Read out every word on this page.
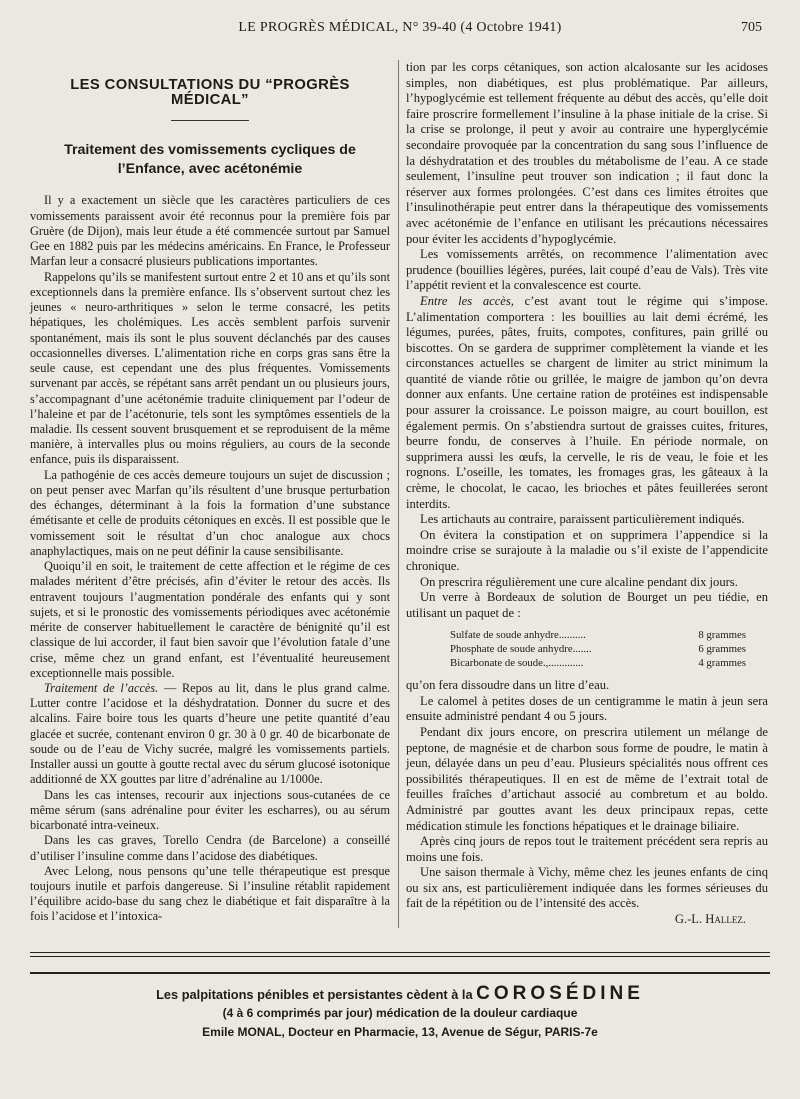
LE PROGRÈS MÉDICAL, N° 39-40 (4 Octobre 1941)	705
LES CONSULTATIONS DU “PROGRÈS MÉDICAL”
Traitement des vomissements cycliques de l’Enfance, avec acétonémie

Il y a exactement un siècle que les caractères particuliers de ces vomissements paraissent avoir été reconnus pour la première fois par Gruère (de Dijon), mais leur étude a été commencée surtout par Samuel Gee en 1882 puis par les médecins américains. En France, le Professeur Marfan leur a consacré plusieurs publications importantes.

Rappelons qu’ils se manifestent surtout entre 2 et 10 ans et qu’ils sont exceptionnels dans la première enfance. Ils s’observent surtout chez les jeunes « neuro-arthritiques » selon le terme consacré, les petits hépatiques, les cholémiques. Les accès semblent parfois survenir spontanément, mais ils sont le plus souvent déclanchés par des causes occasionnelles diverses. L’alimentation riche en corps gras sans être la seule cause, est cependant une des plus fréquentes. Vomissements survenant par accès, se répétant sans arrêt pendant un ou plusieurs jours, s’accompagnant d’une acétonémie traduite cliniquement par l’odeur de l’haleine et par de l’acétonurie, tels sont les symptômes essentiels de la maladie. Ils cessent souvent brusquement et se reproduisent de la même manière, à intervalles plus ou moins réguliers, au cours de la seconde enfance, puis ils disparaissent.

La pathogénie de ces accès demeure toujours un sujet de discussion ; on peut penser avec Marfan qu’ils résultent d’une brusque perturbation des échanges, déterminant à la fois la formation d’une substance émétisante et celle de produits cétoniques en excès. Il est possible que le vomissement soit le résultat d’un choc analogue aux chocs anaphylactiques, mais on ne peut définir la cause sensibilisante.

Quoiqu’il en soit, le traitement de cette affection et le régime de ces malades méritent d’être précisés, afin d’éviter le retour des accès. Ils entravent toujours l’augmentation pondérale des enfants qui y sont sujets, et si le pronostic des vomissements périodiques avec acétonémie mérite de conserver habituellement le caractère de bénignité qu’il est classique de lui accorder, il faut bien savoir que l’évolution fatale d’une crise, même chez un grand enfant, est l’éventualité heureusement exceptionnelle mais possible.

Traitement de l’accès. — Repos au lit, dans le plus grand calme. Lutter contre l’acidose et la déshydratation. Donner du sucre et des alcalins. Faire boire tous les quarts d’heure une petite quantité d’eau glacée et sucrée, contenant environ 0 gr. 30 à 0 gr. 40 de bicarbonate de soude ou de l’eau de Vichy sucrée, malgré les vomissements partiels. Installer aussi un goutte à goutte rectal avec du sérum glucosé isotonique additionné de XX gouttes par litre d’adrénaline au 1/1000e.

Dans les cas intenses, recourir aux injections sous-cutanées de ce même sérum (sans adrénaline pour éviter les escharres), ou au sérum bicarbonaté intra-veineux.

Dans les cas graves, Torello Cendra (de Barcelone) a conseillé d’utiliser l’insuline comme dans l’acidose des diabétiques.

Avec Lelong, nous pensons qu’une telle thérapeutique est presque toujours inutile et parfois dangereuse. Si l’insuline rétablit rapidement l’équilibre acido-base du sang chez le diabétique et fait disparaître à la fois l’acidose et l’intoxica-

tion par les corps cétaniques, son action alcalosante sur les acidoses simples, non diabétiques, est plus problématique. Par ailleurs, l’hypoglycémie est tellement fréquente au début des accès, qu’elle doit faire proscrire formellement l’insuline à la phase initiale de la crise. Si la crise se prolonge, il peut y avoir au contraire une hyperglycémie secondaire provoquée par la concentration du sang sous l’influence de la déshydratation et des troubles du métabolisme de l’eau. A ce stade seulement, l’insuline peut trouver son indication ; il faut donc la réserver aux formes prolongées. C’est dans ces limites étroites que l’insulinothérapie peut entrer dans la thérapeutique des vomissements avec acétonémie de l’enfance en utilisant les précautions nécessaires pour éviter les accidents d’hypoglycémie.

Les vomissements arrêtés, on recommence l’alimentation avec prudence (bouillies légères, purées, lait coupé d’eau de Vals). Très vite l’appétit revient et la convalescence est courte.

Entre les accès, c’est avant tout le régime qui s’impose. L’alimentation comportera : les bouillies au lait demi écrémé, les légumes, purées, pâtes, fruits, compotes, confitures, pain grillé ou biscottes. On se gardera de supprimer complètement la viande et les circonstances actuelles se chargent de limiter au strict minimum la quantité de viande rôtie ou grillée, le maigre de jambon qu’on devra donner aux enfants. Une certaine ration de protéines est indispensable pour assurer la croissance. Le poisson maigre, au court bouillon, est également permis. On s’abstiendra surtout de graisses cuites, fritures, beurre fondu, de conserves à l’huile. En période normale, on supprimera aussi les œufs, la cervelle, le ris de veau, le foie et les rognons. L’oseille, les tomates, les fromages gras, les gâteaux à la crème, le chocolat, le cacao, les brioches et pâtes feuillerées seront interdits.

Les artichauts au contraire, paraissent particulièrement indiqués.

On évitera la constipation et on supprimera l’appendice si la moindre crise se surajoute à la maladie ou s’il existe de l’appendicite chronique.

On prescrira régulièrement une cure alcaline pendant dix jours.

Un verre à Bordeaux de solution de Bourget un peu tiédie, en utilisant un paquet de :

Sulfate de soude anhydre..........	8 grammes
Phosphate de soude anhydre.......	6 grammes
Bicarbonate de soude.,.............	4 grammes

qu’on fera dissoudre dans un litre d’eau.

Le calomel à petites doses de un centigramme le matin à jeun sera ensuite administré pendant 4 ou 5 jours.

Pendant dix jours encore, on prescrira utilement un mélange de peptone, de magnésie et de charbon sous forme de poudre, le matin à jeun, délayée dans un peu d’eau. Plusieurs spécialités nous offrent ces possibilités thérapeutiques. Il en est de même de l’extrait total de feuilles fraîches d’artichaut associé au combretum et au boldo. Administré par gouttes avant les deux principaux repas, cette médication stimule les fonctions hépatiques et le drainage biliaire.

Après cinq jours de repos tout le traitement précédent sera repris au moins une fois.

Une saison thermale à Vichy, même chez les jeunes enfants de cinq ou six ans, est particulièrement indiquée dans les formes sérieuses du fait de la répétition ou de l’intensité des accès.

G.-L. Hallez.
Les palpitations pénibles et persistantes cèdent à la COROSÉDINE
(4 à 6 comprimés par jour) médication de la douleur cardiaque
Emile MONAL, Docteur en Pharmacie, 13, Avenue de Ségur, PARIS-7e
